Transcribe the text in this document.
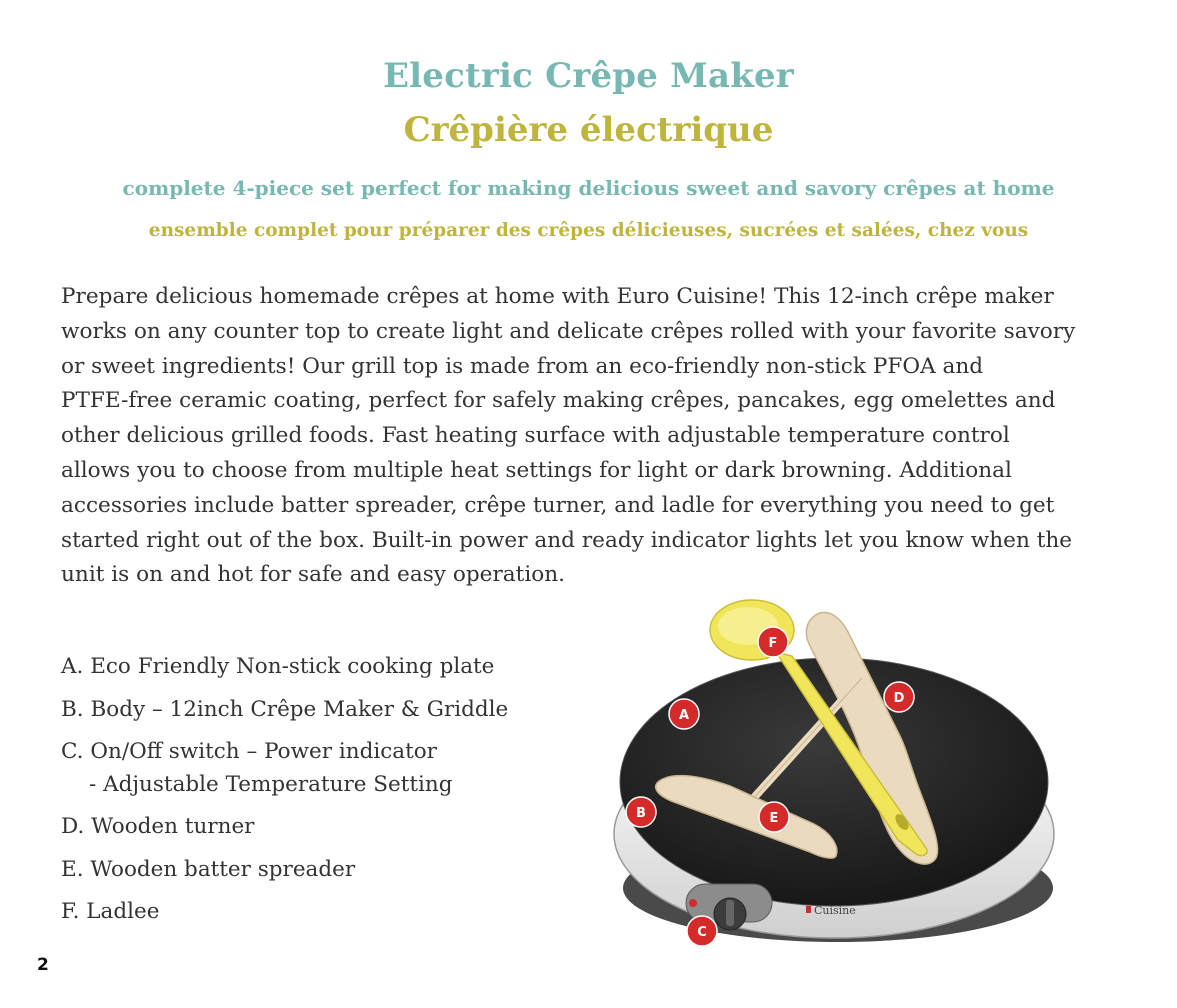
Electric Crêpe Maker
Crêpière électrique
complete 4-piece set perfect for making delicious sweet and savory crêpes at home
ensemble complet pour préparer des crêpes délicieuses, sucrées et salées, chez vous

Prepare delicious homemade crêpes at home with Euro Cuisine! This 12-inch crêpe maker
works on any counter top to create light and delicate crêpes rolled with your favorite savory
or sweet ingredients! Our grill top is made from an eco-friendly non-stick PFOA and
PTFE-free ceramic coating, perfect for safely making crêpes, pancakes, egg omelettes and
other delicious grilled foods. Fast heating surface with adjustable temperature control
allows you to choose from multiple heat settings for light or dark browning. Additional
accessories include batter spreader, crêpe turner, and ladle for everything you need to get
started right out of the box. Built-in power and ready indicator lights let you know when the
unit is on and hot for safe and easy operation.

A. Eco Friendly Non-stick cooking plate
B. Body – 12inch Crêpe Maker & Griddle
C. On/Off switch – Power indicator
- Adjustable Temperature Setting
D. Wooden turner
E. Wooden batter spreader
F. Ladlee	Cuisine
F
D
A
B	E
C
2
